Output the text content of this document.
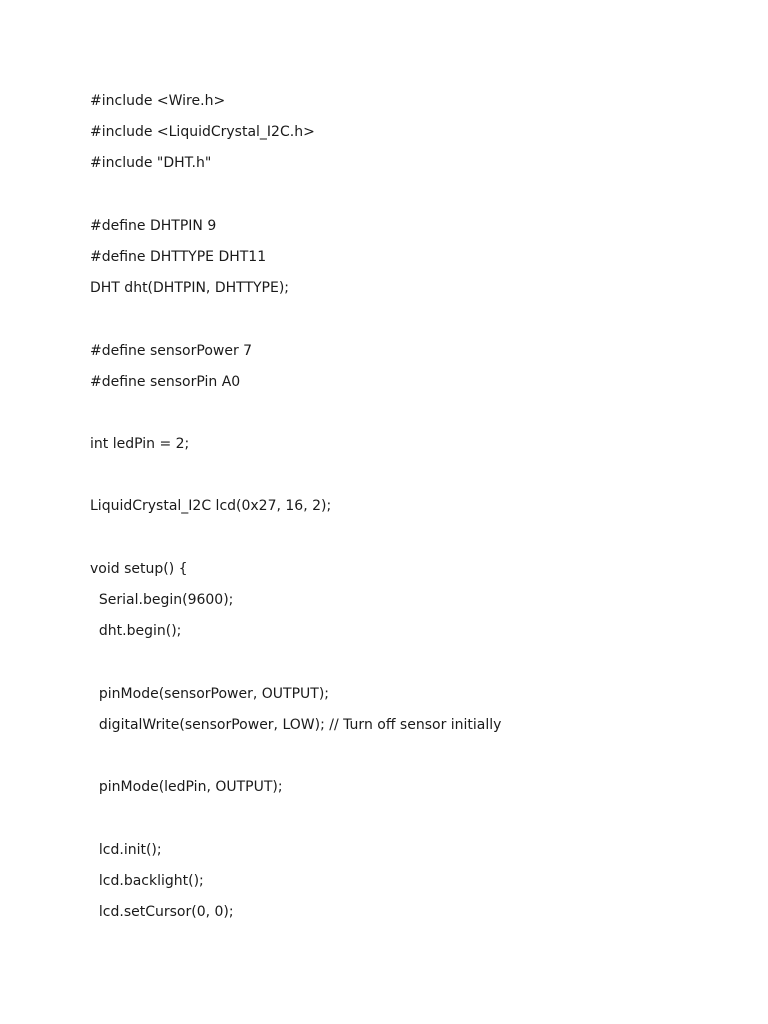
#include <Wire.h>
#include <LiquidCrystal_I2C.h>
#include "DHT.h"
#define DHTPIN 9
#define DHTTYPE DHT11
DHT dht(DHTPIN, DHTTYPE);
#define sensorPower 7
#define sensorPin A0
int ledPin = 2;
LiquidCrystal_I2C lcd(0x27, 16, 2);
void setup() {
Serial.begin(9600);
dht.begin();
pinMode(sensorPower, OUTPUT);
digitalWrite(sensorPower, LOW); // Turn off sensor initially
pinMode(ledPin, OUTPUT);
lcd.init();
lcd.backlight();
lcd.setCursor(0, 0);
